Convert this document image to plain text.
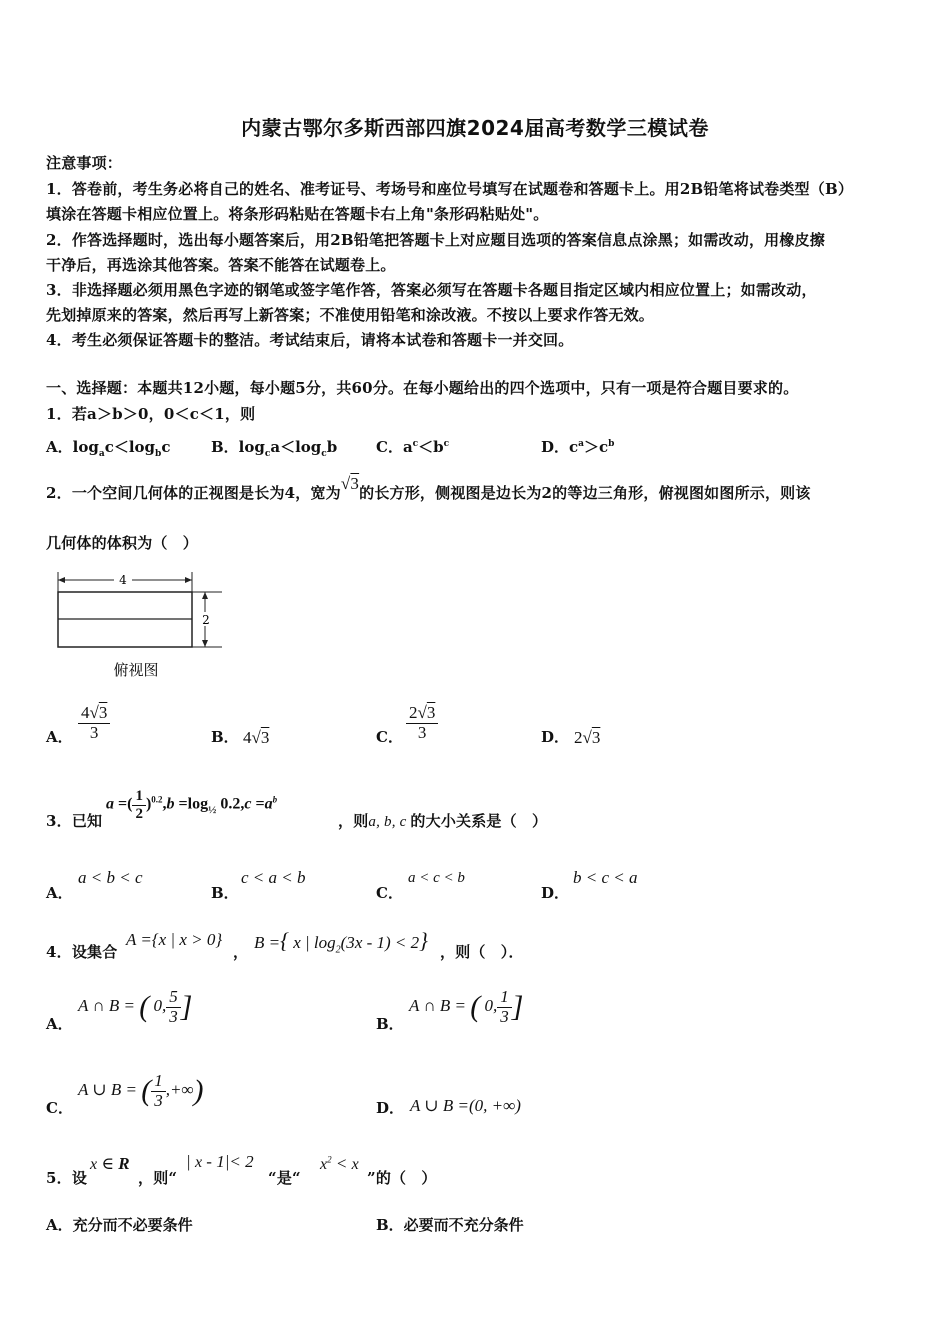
内蒙古鄂尔多斯西部四旗2024届高考数学三模试卷
注意事项：
1．答卷前，考生务必将自己的姓名、准考证号、考场号和座位号填写在试题卷和答题卡上。用2B铅笔将试卷类型（B）
填涂在答题卡相应位置上。将条形码粘贴在答题卡右上角"条形码粘贴处"。
2．作答选择题时，选出每小题答案后，用2B铅笔把答题卡上对应题目选项的答案信息点涂黑；如需改动，用橡皮擦
干净后，再选涂其他答案。答案不能答在试题卷上。
3．非选择题必须用黑色字迹的钢笔或签字笔作答，答案必须写在答题卡各题目指定区域内相应位置上；如需改动，
先划掉原来的答案，然后再写上新答案；不准使用铅笔和涂改液。不按以上要求作答无效。
4．考生必须保证答题卡的整洁。考试结束后，请将本试卷和答题卡一并交回。
一、选择题：本题共12小题，每小题5分，共60分。在每小题给出的四个选项中，只有一项是符合题目要求的。
1．若a＞b＞0，0＜c＜1，则
A．$\log_ac<\log_bc$	B．$\log_ca<\log_cb$	C．$a^c<b^c$	D．$c^a>c^b$
2．一个空间几何体的正视图是长为4，宽为√3的长方形，侧视图是边长为2的等边三角形，俯视图如图所示，则该
几何体的体积为（　）
4
2
俯视图
A． $\frac{4√3}{3}$	B． 4√3	C． $\frac{2√3}{3}$	D． 2√3
3．已知
a =( $\frac{1}{2} )^{0.2},b =\log_{\frac{1}{2}}$ $0.2,c =a^b$
，则a, b, c 的大小关系是（　）
A．
a < b < c
B．
c < a < b
C．
a < c < b
D．
b < c < a
4．设集合
A ={x | x > 0}
， B ={ x | $\log_2(3x - 1) < 2$} ，则（　）．
A．
A ∩ B = ( 0, $\frac{5}{3}$ ]
B．
A ∩ B = ( 0, $\frac{1}{3}$ ]
C．
A ∪ B = ( $\frac{1}{3}$ ,+∞)
D． A ∪ B =(0, +∞)
5．设
x ∈ R
，则“
| x - 1|< 2
“是“
$x^2 < x$
”的（　）
A．充分而不必要条件	B．必要而不充分条件
